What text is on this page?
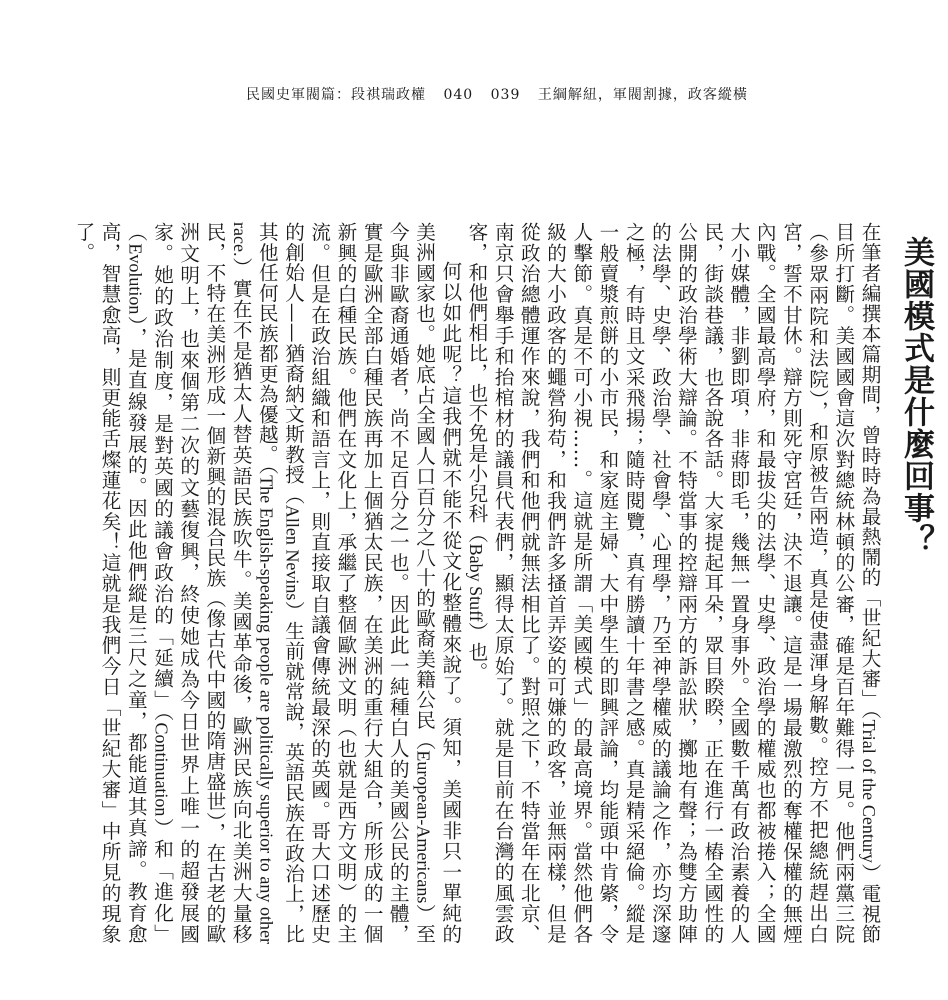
民國史軍閥篇：段祺瑞政權 040 039 王綱解紐，軍閥割據，政客縱橫
美國模式是什麼回事？

在筆者編撰本篇期間，曾時時為最熱鬧的「世紀大審」（Trial of the Century）電視節目所打斷。美國國會這次對總統林頓的公審，確是百年難得一見。他們兩黨三院（參眾兩院和法院），和原被告兩造，真是使盡渾身解數。控方不把總統趕出白宮，誓不甘休。辯方則死守宮廷，決不退讓。這是一場最激烈的奪權保權的無煙內戰。全國最高學府，和最拔尖的法學、史學、政治學的權威也都被捲入；全國大小媒體，非劉即項，非蔣即毛，幾無一置身事外。全國數千萬有政治素養的人民，街談巷議，也各說各話。大家提起耳朵，眾目睽睽，正在進行一樁全國性的公開的政治學術大辯論。不特當事的控辯兩方的訴訟狀，擲地有聲；為雙方助陣的法學、史學、政治學、社會學、心理學，乃至神學權威的議論之作，亦均深邃之極，有時且文采飛揚；隨時閱覽，真有勝讀十年書之感。真是精采絕倫。縱是一般賣漿煎餅的小市民，和家庭主婦、大中學生的即興評論，均能頭中肯綮，令人擊節。真是不可小視……。這就是所謂「美國模式」的最高境界。當然他們各級的大小政客的蠅營狗苟，和我們許多搔首弄姿的可嫌的政客，並無兩樣，但是從政治總體運作來說，我們和他們就無法相比了。對照之下，不特當年在北京、南京只會舉手和抬棺材的議員代表們，顯得太原始了。就是目前在台灣的風雲政客，和他們相比，也不免是小兒科（Baby Stuff）也。

何以如此呢？這我們就不能不從文化整體來說了。須知，美國非只一單純的美洲國家也。她底占全國人口百分之八十的歐裔美籍公民（European-Americans）至今與非歐裔通婚者，尚不足百分之一也。因此此一純種白人的美國公民的主體，實是歐洲全部白種民族再加上個猶太民族，在美洲的重行大組合，所形成的一個新興的白種民族。他們在文化上，承繼了整個歐洲文明（也就是西方文明）的主流。但是在政治組織和語言上，則直接取自議會傳統最深的英國。哥大口述歷史的創始人——猶裔納文斯教授（Allen Nevins）生前就常說，英語民族在政治上，比其他任何民族都更為優越。（The English-speaking people are politically superior to any other race.）實在不是猶太人替英語民族吹牛。美國革命後，歐洲民族向北美洲大量移民，不特在美洲形成一個新興的混合民族（像古代中國的隋唐盛世），在古老的歐洲文明上，也來個第二次的文藝復興，終使她成為今日世界上唯一的超發展國家。她的政治制度，是對英國的議會政治的「延續」（Continuation）和「進化」（Evolution），是直線發展的。因此他們縱是三尺之童，都能道其真諦。教育愈高，智慧愈高，則更能舌燦蓮花矣！這就是我們今日「世紀大審」中所見的現象了。
